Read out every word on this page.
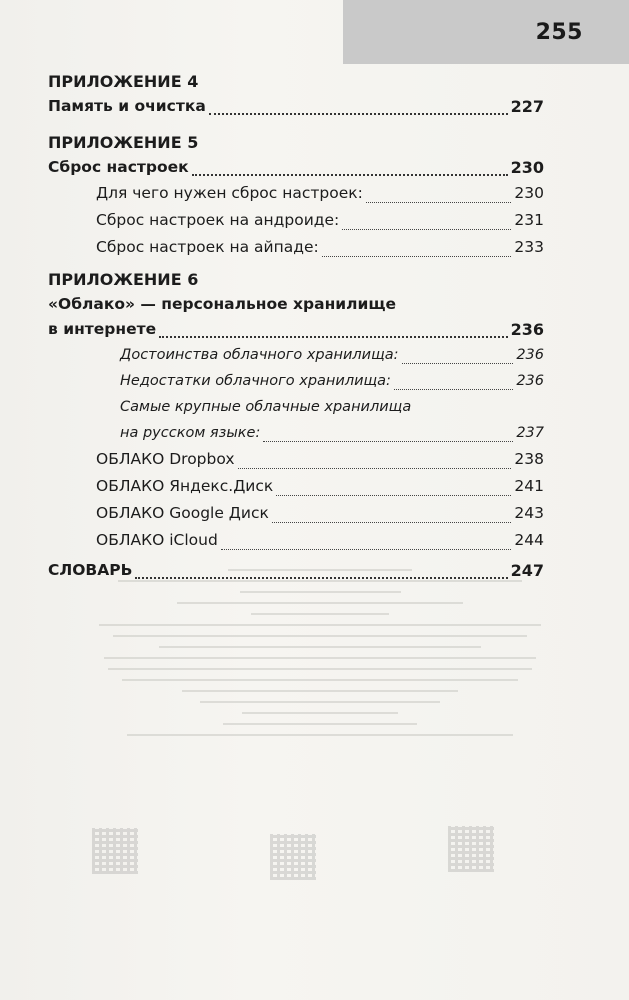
255
ПРИЛОЖЕНИЕ 4
Память и очистка	227
ПРИЛОЖЕНИЕ 5
Сброс настроек	230
Для чего нужен сброс настроек:	230
Сброс настроек на андроиде:	231
Сброс настроек на айпаде:	233
ПРИЛОЖЕНИЕ 6
«Облако» — персональное хранилище
в интернете	236
Достоинства облачного хранилища:	236
Недостатки облачного хранилища:	236
Самые крупные облачные хранилища
на русском языке:	237
ОБЛАКО Dropbox	238
ОБЛАКО Яндекс.Диск	241
ОБЛАКО Google Диск	243
ОБЛАКО iCloud	244
СЛОВАРЬ	247
